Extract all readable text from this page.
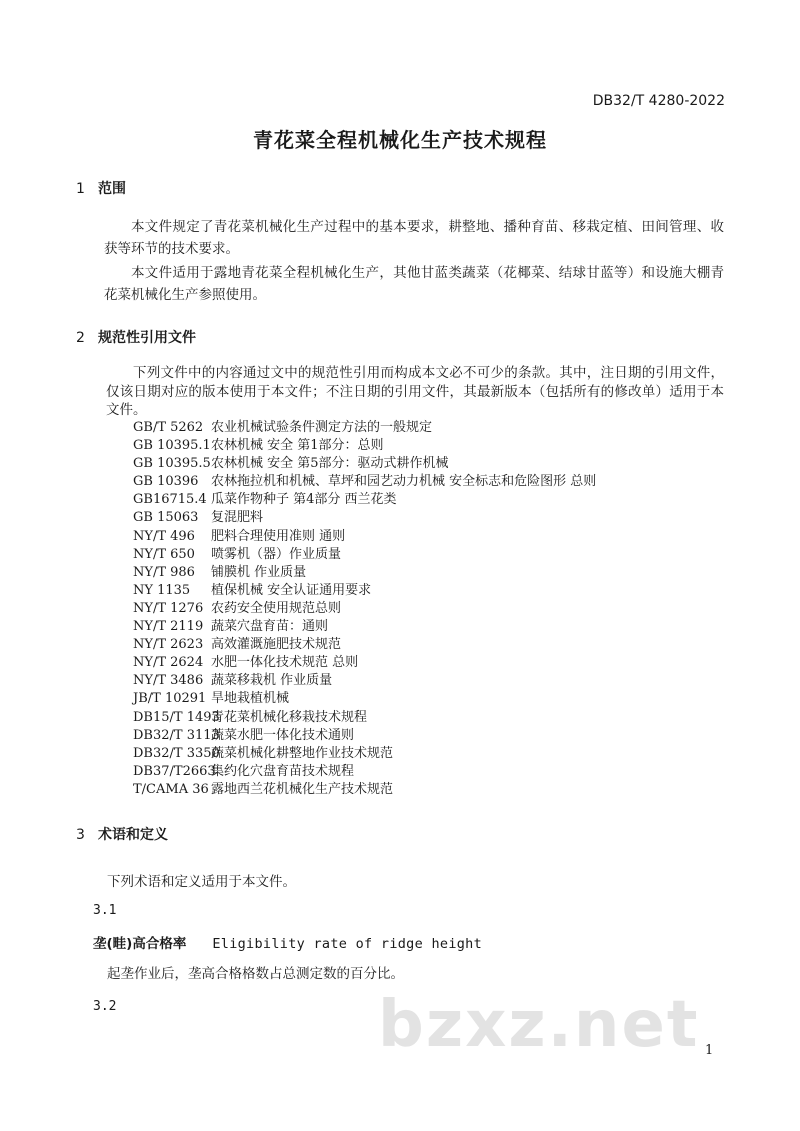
DB32/T 4280-2022
青花菜全程机械化生产技术规程
1 范围
本文件规定了青花菜机械化生产过程中的基本要求，耕整地、播种育苗、移栽定植、田间管理、收获等环节的技术要求。
本文件适用于露地青花菜全程机械化生产，其他甘蓝类蔬菜（花椰菜、结球甘蓝等）和设施大棚青花菜机械化生产参照使用。
2 规范性引用文件
下列文件中的内容通过文中的规范性引用而构成本文必不可少的条款。其中，注日期的引用文件，仅该日期对应的版本使用于本文件；不注日期的引用文件，其最新版本（包括所有的修改单）适用于本文件。
GB/T 5262 农业机械试验条件测定方法的一般规定
GB 10395.1农林机械 安全 第1部分：总则
GB 10395.5农林机械 安全 第5部分：驱动式耕作机械
GB 10396 农林拖拉机和机械、草坪和园艺动力机械 安全标志和危险图形 总则
GB16715.4 瓜菜作物种子 第4部分 西兰花类
GB 15063 复混肥料
NY/T 496 肥料合理使用准则 通则
NY/T 650 喷雾机（器）作业质量
NY/T 986 铺膜机 作业质量
NY 1135 植保机械 安全认证通用要求
NY/T 1276 农药安全使用规范总则
NY/T 2119 蔬菜穴盘育苗：通则
NY/T 2623 高效灌溉施肥技术规范
NY/T 2624 水肥一体化技术规范 总则
NY/T 3486 蔬菜移栽机 作业质量
JB/T 10291 旱地栽植机械
DB15/T 1493青花菜机械化移栽技术规程
DB32/T 3113蔬菜水肥一体化技术通则
DB32/T 3350蔬菜机械化耕整地作业技术规范
DB37/T2663集约化穴盘育苗技术规程
T/CAMA 36 露地西兰花机械化生产技术规范
3 术语和定义
下列术语和定义适用于本文件。
3.1
垄(畦)高合格率 Eligibility rate of ridge height
起垄作业后，垄高合格格数占总测定数的百分比。
3.2	bzxz.net 1
